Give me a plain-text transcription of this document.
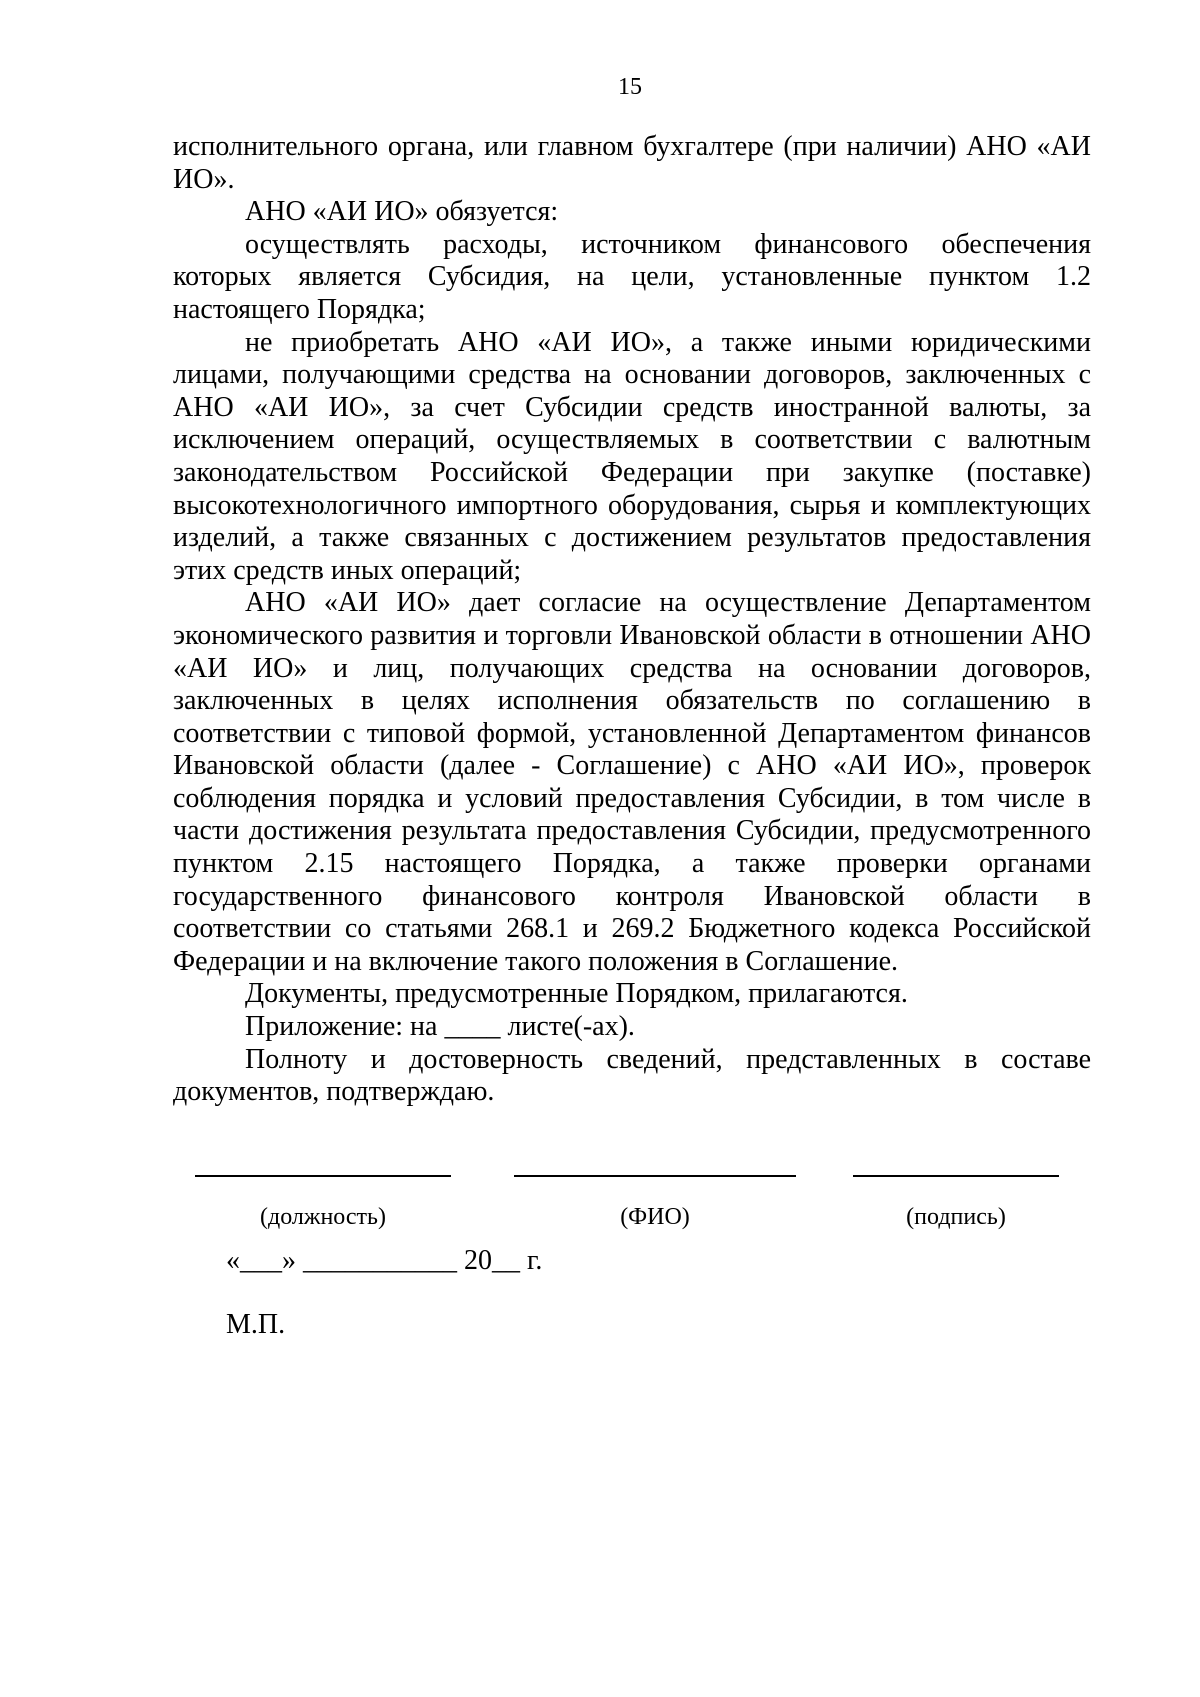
15

исполнительного органа, или главном бухгалтере (при наличии) АНО «АИ ИО».

АНО «АИ ИО» обязуется:

осуществлять расходы, источником финансового обеспечения которых является Субсидия, на цели, установленные пунктом 1.2 настоящего Порядка;

не приобретать АНО «АИ ИО», а также иными юридическими лицами, получающими средства на основании договоров, заключенных с АНО «АИ ИО», за счет Субсидии средств иностранной валюты, за исключением операций, осуществляемых в соответствии с валютным законодательством Российской Федерации при закупке (поставке) высокотехнологичного импортного оборудования, сырья и комплектующих изделий, а также связанных с достижением результатов предоставления этих средств иных операций;

АНО «АИ ИО» дает согласие на осуществление Департаментом экономического развития и торговли Ивановской области в отношении АНО «АИ ИО» и лиц, получающих средства на основании договоров, заключенных в целях исполнения обязательств по соглашению в соответствии с типовой формой, установленной Департаментом финансов Ивановской области (далее - Соглашение) с АНО «АИ ИО», проверок соблюдения порядка и условий предоставления Субсидии, в том числе в части достижения результата предоставления Субсидии, предусмотренного пунктом 2.15 настоящего Порядка, а также проверки органами государственного финансового контроля Ивановской области в соответствии со статьями 268.1 и 269.2 Бюджетного кодекса Российской Федерации и на включение такого положения в Соглашение.

Документы, предусмотренные Порядком, прилагаются.

Приложение: на ____ листе(-ах).

Полноту и достоверность сведений, представленных в составе документов, подтверждаю.

(должность)	(ФИО)	(подпись)
«___» ___________ 20__ г.
М.П.
